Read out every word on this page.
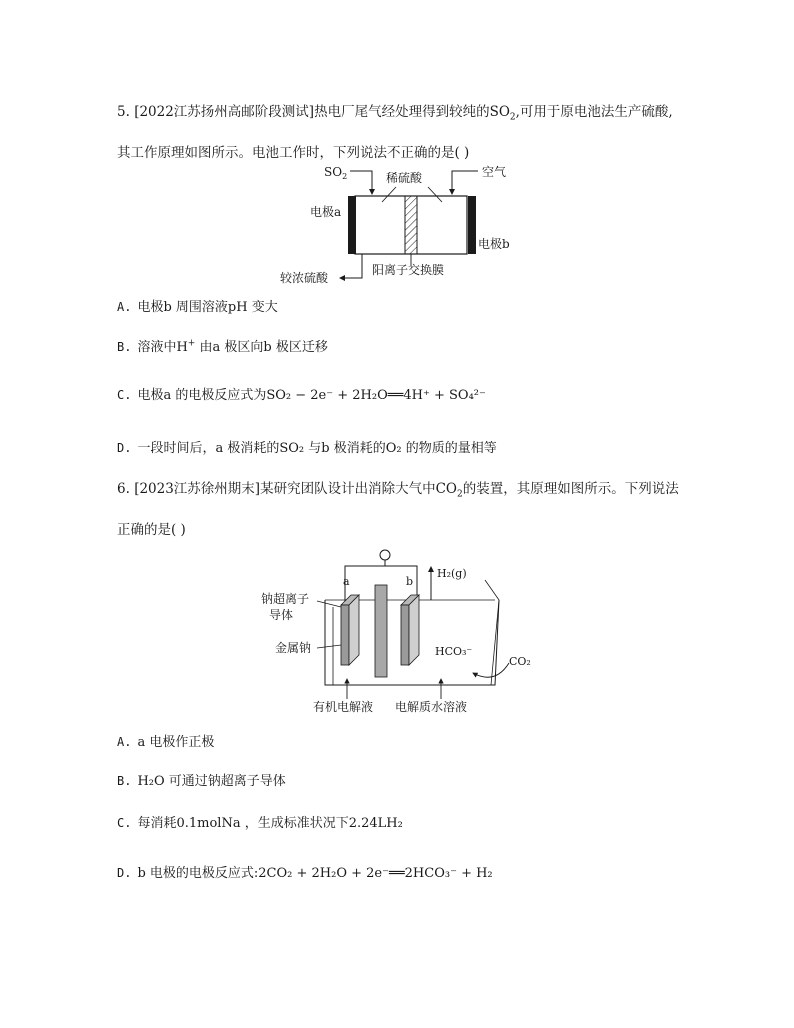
5. [2022江苏扬州高邮阶段测试]热电厂尾气经处理得到较纯的$SO_2$,可用于原电池法生产硫酸,
其工作原理如图所示。电池工作时，下列说法不正确的是( )
$SO_2$	稀硫酸	空气
电极a
电极b
阳离子交换膜
较浓硫酸
A. 电极b 周围溶液pH 变大
B. 溶液中H+ 由a 极区向b 极区迁移
C. 电极a 的电极反应式为SO₂ − 2e⁻ + 2H₂O══4H⁺ + SO₄²⁻
D. 一段时间后，a 极消耗的SO₂ 与b 极消耗的O₂ 的物质的量相等
6. [2023江苏徐州期末]某研究团队设计出消除大气中$CO_2$的装置，其原理如图所示。下列说法
正确的是( )
a	b
H₂(g)
钠超离子
导体
金属钠	HCO₃⁻
CO₂
有机电解液 电解质水溶液
A. a 电极作正极
B. H₂O 可通过钠超离子导体
C. 每消耗0.1molNa ，生成标准状况下2.24LH₂
D. b 电极的电极反应式:2CO₂ + 2H₂O + 2e⁻══2HCO₃⁻ + H₂
